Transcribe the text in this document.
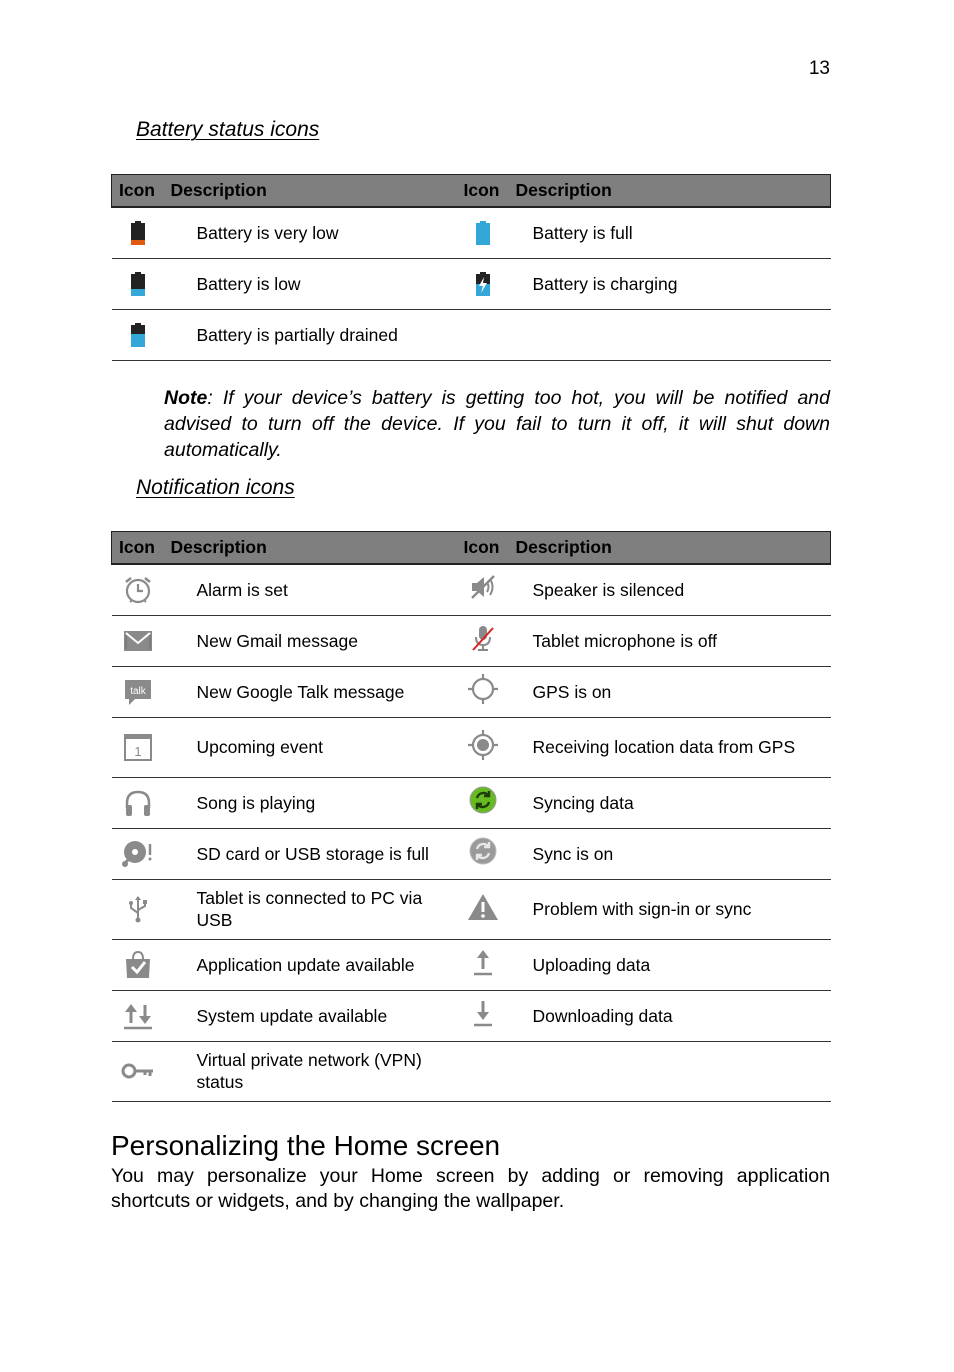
13
Battery status icons
Icon	Description	Icon	Description

	Battery is very low		Battery is full

	Battery is low		Battery is charging

	Battery is partially drained		
Note: If your device’s battery is getting too hot, you will be notified and advised to turn off the device. If you fail to turn it off, it will shut down automatically.
Notification icons
Icon	Description	Icon	Description

	Alarm is set		Speaker is silenced

	New Gmail message		Tablet microphone is off

talk	New Google Talk message		GPS is on

1	Upcoming event		Receiving location data from GPS

	Song is playing		Syncing data

	SD card or USB storage is full		Sync is on

	Tablet is connected to PC via USB		Problem with sign-in or sync

	Application update available		Uploading data

	System update available		Downloading data

	Virtual private network (VPN) status		
Personalizing the Home screen
You may personalize your Home screen by adding or removing application shortcuts or widgets, and by changing the wallpaper.
